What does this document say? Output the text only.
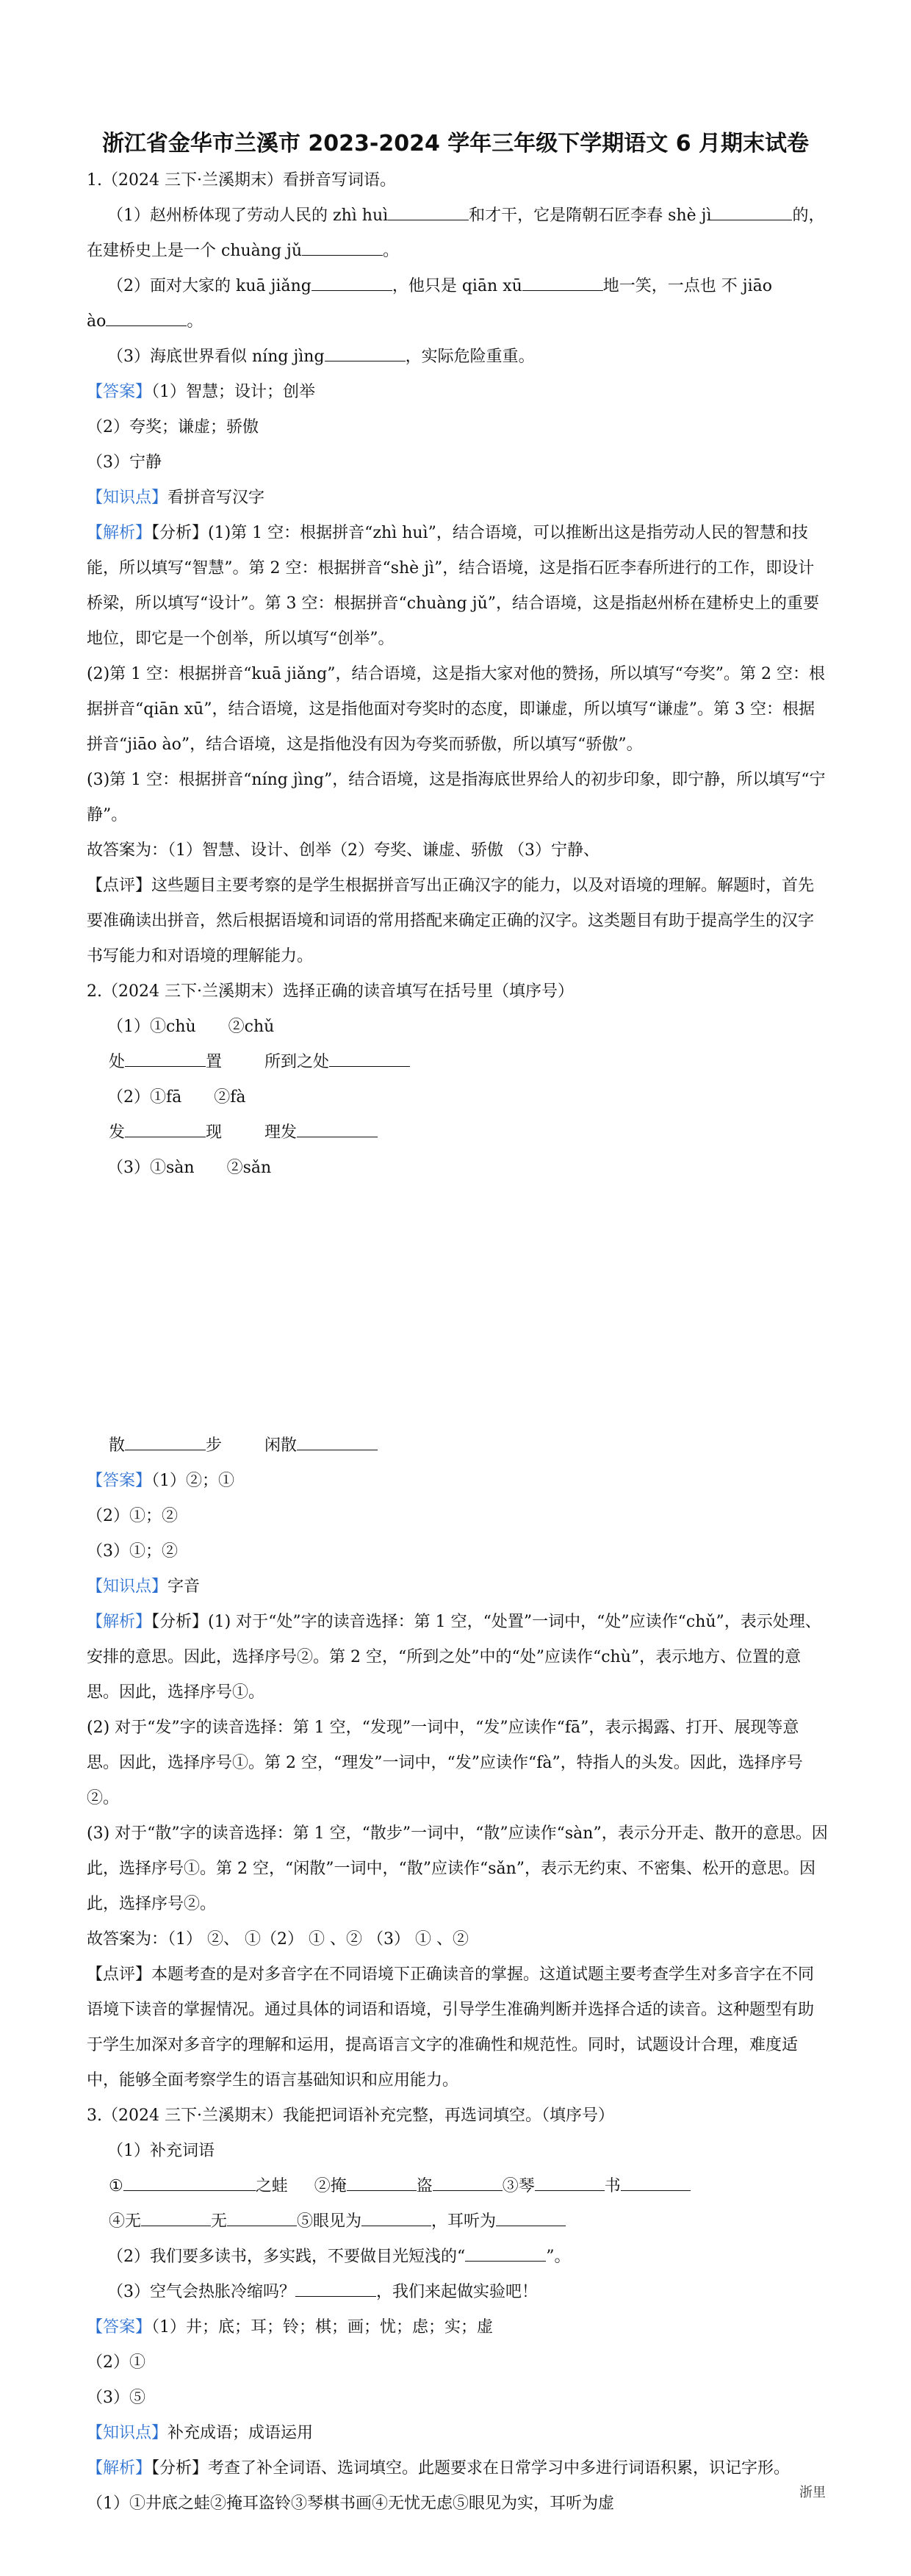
浙江省金华市兰溪市 2023-2024 学年三年级下学期语文 6 月期末试卷

1.（2024 三下·兰溪期末）看拼音写词语。

（1）赵州桥体现了劳动人民的 zhì huì	和才干，它是隋朝石匠李春 shè jì	的，

在建桥史上是一个 chuàng jǔ	。

（2）面对大家的 kuā jiǎng	，他只是 qiān xū	地一笑，一点也 不 jiāo

ào	。

（3）海底世界看似 níng jìng	，实际危险重重。

【答案】（1）智慧；设计；创举

（2）夸奖；谦虚；骄傲

（3）宁静

【知识点】看拼音写汉字

【解析】【分析】(1)第 1 空：根据拼音“zhì huì”，结合语境，可以推断出这是指劳动人民的智慧和技能，所以填写“智慧”。第 2 空：根据拼音“shè jì”，结合语境，这是指石匠李春所进行的工作，即设计桥梁，所以填写“设计”。第 3 空：根据拼音“chuàng jǔ”，结合语境，这是指赵州桥在建桥史上的重要地位，即它是一个创举，所以填写“创举”。

(2)第 1 空：根据拼音“kuā jiǎng”，结合语境，这是指大家对他的赞扬，所以填写“夸奖”。第 2 空：根据拼音“qiān xū”，结合语境，这是指他面对夸奖时的态度，即谦虚，所以填写“谦虚”。第 3 空：根据拼音“jiāo ào”，结合语境，这是指他没有因为夸奖而骄傲，所以填写“骄傲”。

(3)第 1 空：根据拼音“níng jìng”，结合语境，这是指海底世界给人的初步印象，即宁静，所以填写“宁静”。

故答案为：（1）智慧、设计、创举（2）夸奖、谦虚、骄傲 （3）宁静、

【点评】这些题目主要考察的是学生根据拼音写出正确汉字的能力，以及对语境的理解。解题时，首先要准确读出拼音，然后根据语境和词语的常用搭配来确定正确的汉字。这类题目有助于提高学生的汉字书写能力和对语境的理解能力。

2.（2024 三下·兰溪期末）选择正确的读音填写在括号里（填序号）

（1）①chù　　②chǔ

处	置	所到之处

（2）①fā　　②fà

发	现	理发

（3）①sàn　　②sǎn

散	步	闲散

【答案】（1）②；①

（2）①；②

（3）①；②

【知识点】字音

【解析】【分析】(1) 对于“处”字的读音选择：第 1 空，“处置”一词中，“处”应读作“chǔ”，表示处理、安排的意思。因此，选择序号②。第 2 空，“所到之处”中的“处”应读作“chù”，表示地方、位置的意思。因此，选择序号①。

(2) 对于“发”字的读音选择：第 1 空，“发现”一词中，“发”应读作“fā”，表示揭露、打开、展现等意思。因此，选择序号①。第 2 空，“理发”一词中，“发”应读作“fà”，特指人的头发。因此，选择序号②。

(3) 对于“散”字的读音选择：第 1 空，“散步”一词中，“散”应读作“sàn”，表示分开走、散开的意思。因此，选择序号①。第 2 空，“闲散”一词中，“散”应读作“sǎn”，表示无约束、不密集、松开的意思。因此，选择序号②。

故答案为：（1） ②、 ①（2） ① 、② （3） ① 、②

【点评】本题考查的是对多音字在不同语境下正确读音的掌握。这道试题主要考查学生对多音字在不同语境下读音的掌握情况。通过具体的词语和语境，引导学生准确判断并选择合适的读音。这种题型有助于学生加深对多音字的理解和运用，提高语言文字的准确性和规范性。同时，试题设计合理，难度适中，能够全面考察学生的语言基础知识和应用能力。

3.（2024 三下·兰溪期末）我能把词语补充完整，再选词填空。（填序号）

（1）补充词语

①	之蛙 ②掩	盗	③琴	书

④无	无	⑤眼见为	，耳听为

（2）我们要多读书，多实践，不要做目光短浅的“	”。

（3）空气会热胀冷缩吗？	，我们来起做实验吧！

【答案】（1）井；底；耳；铃；棋；画；忧；虑；实；虚

（2）①

（3）⑤

【知识点】补充成语；成语运用

【解析】【分析】考查了补全词语、选词填空。此题要求在日常学习中多进行词语积累，识记字形。

（1）①井底之蛙②掩耳盗铃③琴棋书画④无忧无虑⑤眼见为实，耳听为虚

浙里
